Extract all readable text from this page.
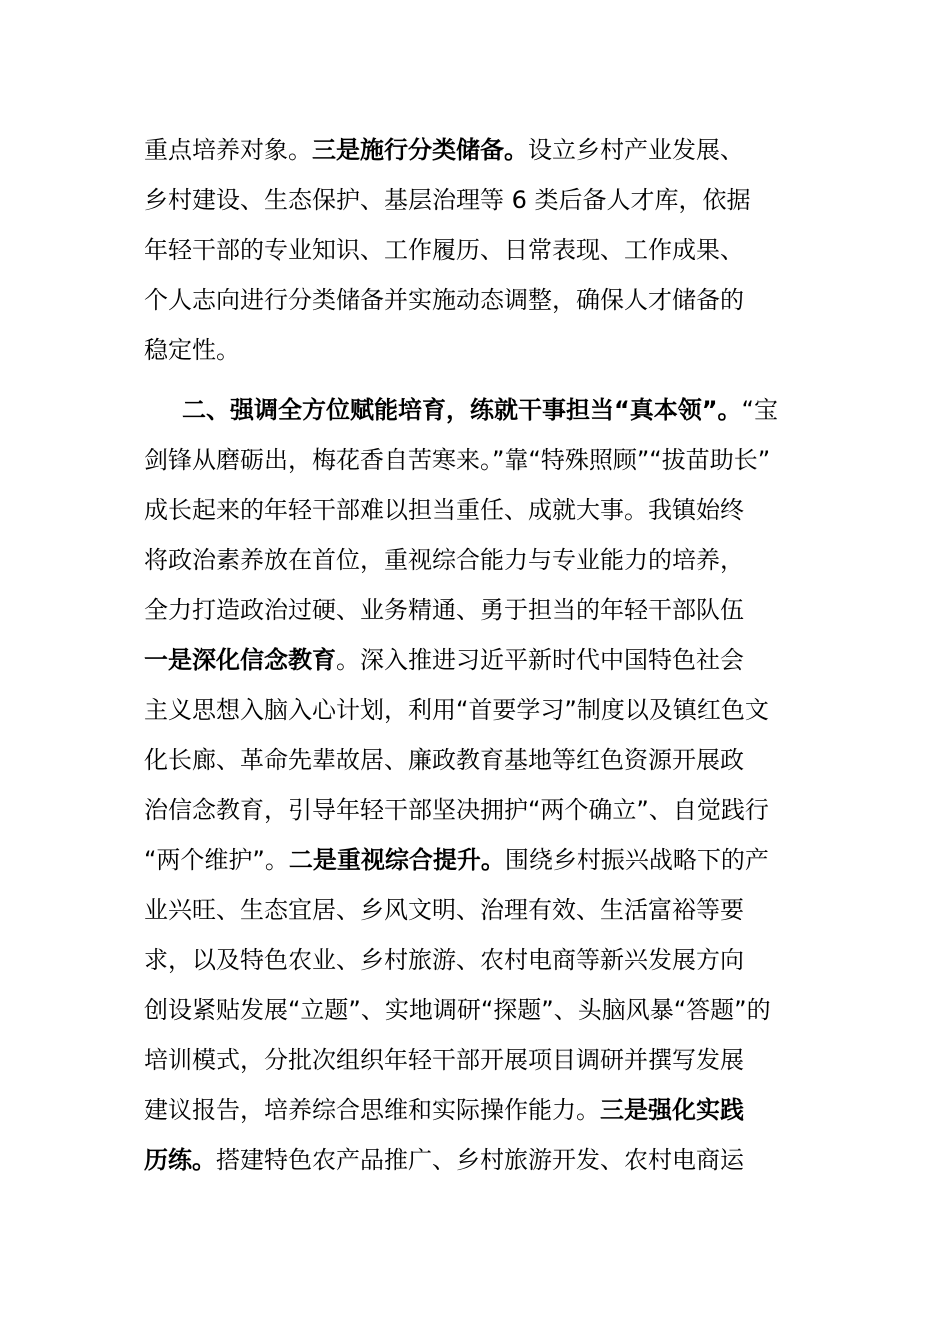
重点培养对象。三是施行分类储备。设立乡村产业发展、
乡村建设、生态保护、基层治理等 6 类后备人才库，依据
年轻干部的专业知识、工作履历、日常表现、工作成果、
个人志向进行分类储备并实施动态调整，确保人才储备的
稳定性。
二、强调全方位赋能培育，练就干事担当“真本领”。“宝
剑锋从磨砺出，梅花香自苦寒来。”靠“特殊照顾”“拔苗助长”
成长起来的年轻干部难以担当重任、成就大事。我镇始终
将政治素养放在首位，重视综合能力与专业能力的培养，
全力打造政治过硬、业务精通、勇于担当的年轻干部队伍
一是深化信念教育。深入推进习近平新时代中国特色社会
主义思想入脑入心计划，利用“首要学习”制度以及镇红色文
化长廊、革命先辈故居、廉政教育基地等红色资源开展政
治信念教育，引导年轻干部坚决拥护“两个确立”、自觉践行
“两个维护”。二是重视综合提升。围绕乡村振兴战略下的产
业兴旺、生态宜居、乡风文明、治理有效、生活富裕等要
求，以及特色农业、乡村旅游、农村电商等新兴发展方向
创设紧贴发展“立题”、实地调研“探题”、头脑风暴“答题”的
培训模式，分批次组织年轻干部开展项目调研并撰写发展
建议报告，培养综合思维和实际操作能力。三是强化实践
历练。搭建特色农产品推广、乡村旅游开发、农村电商运
